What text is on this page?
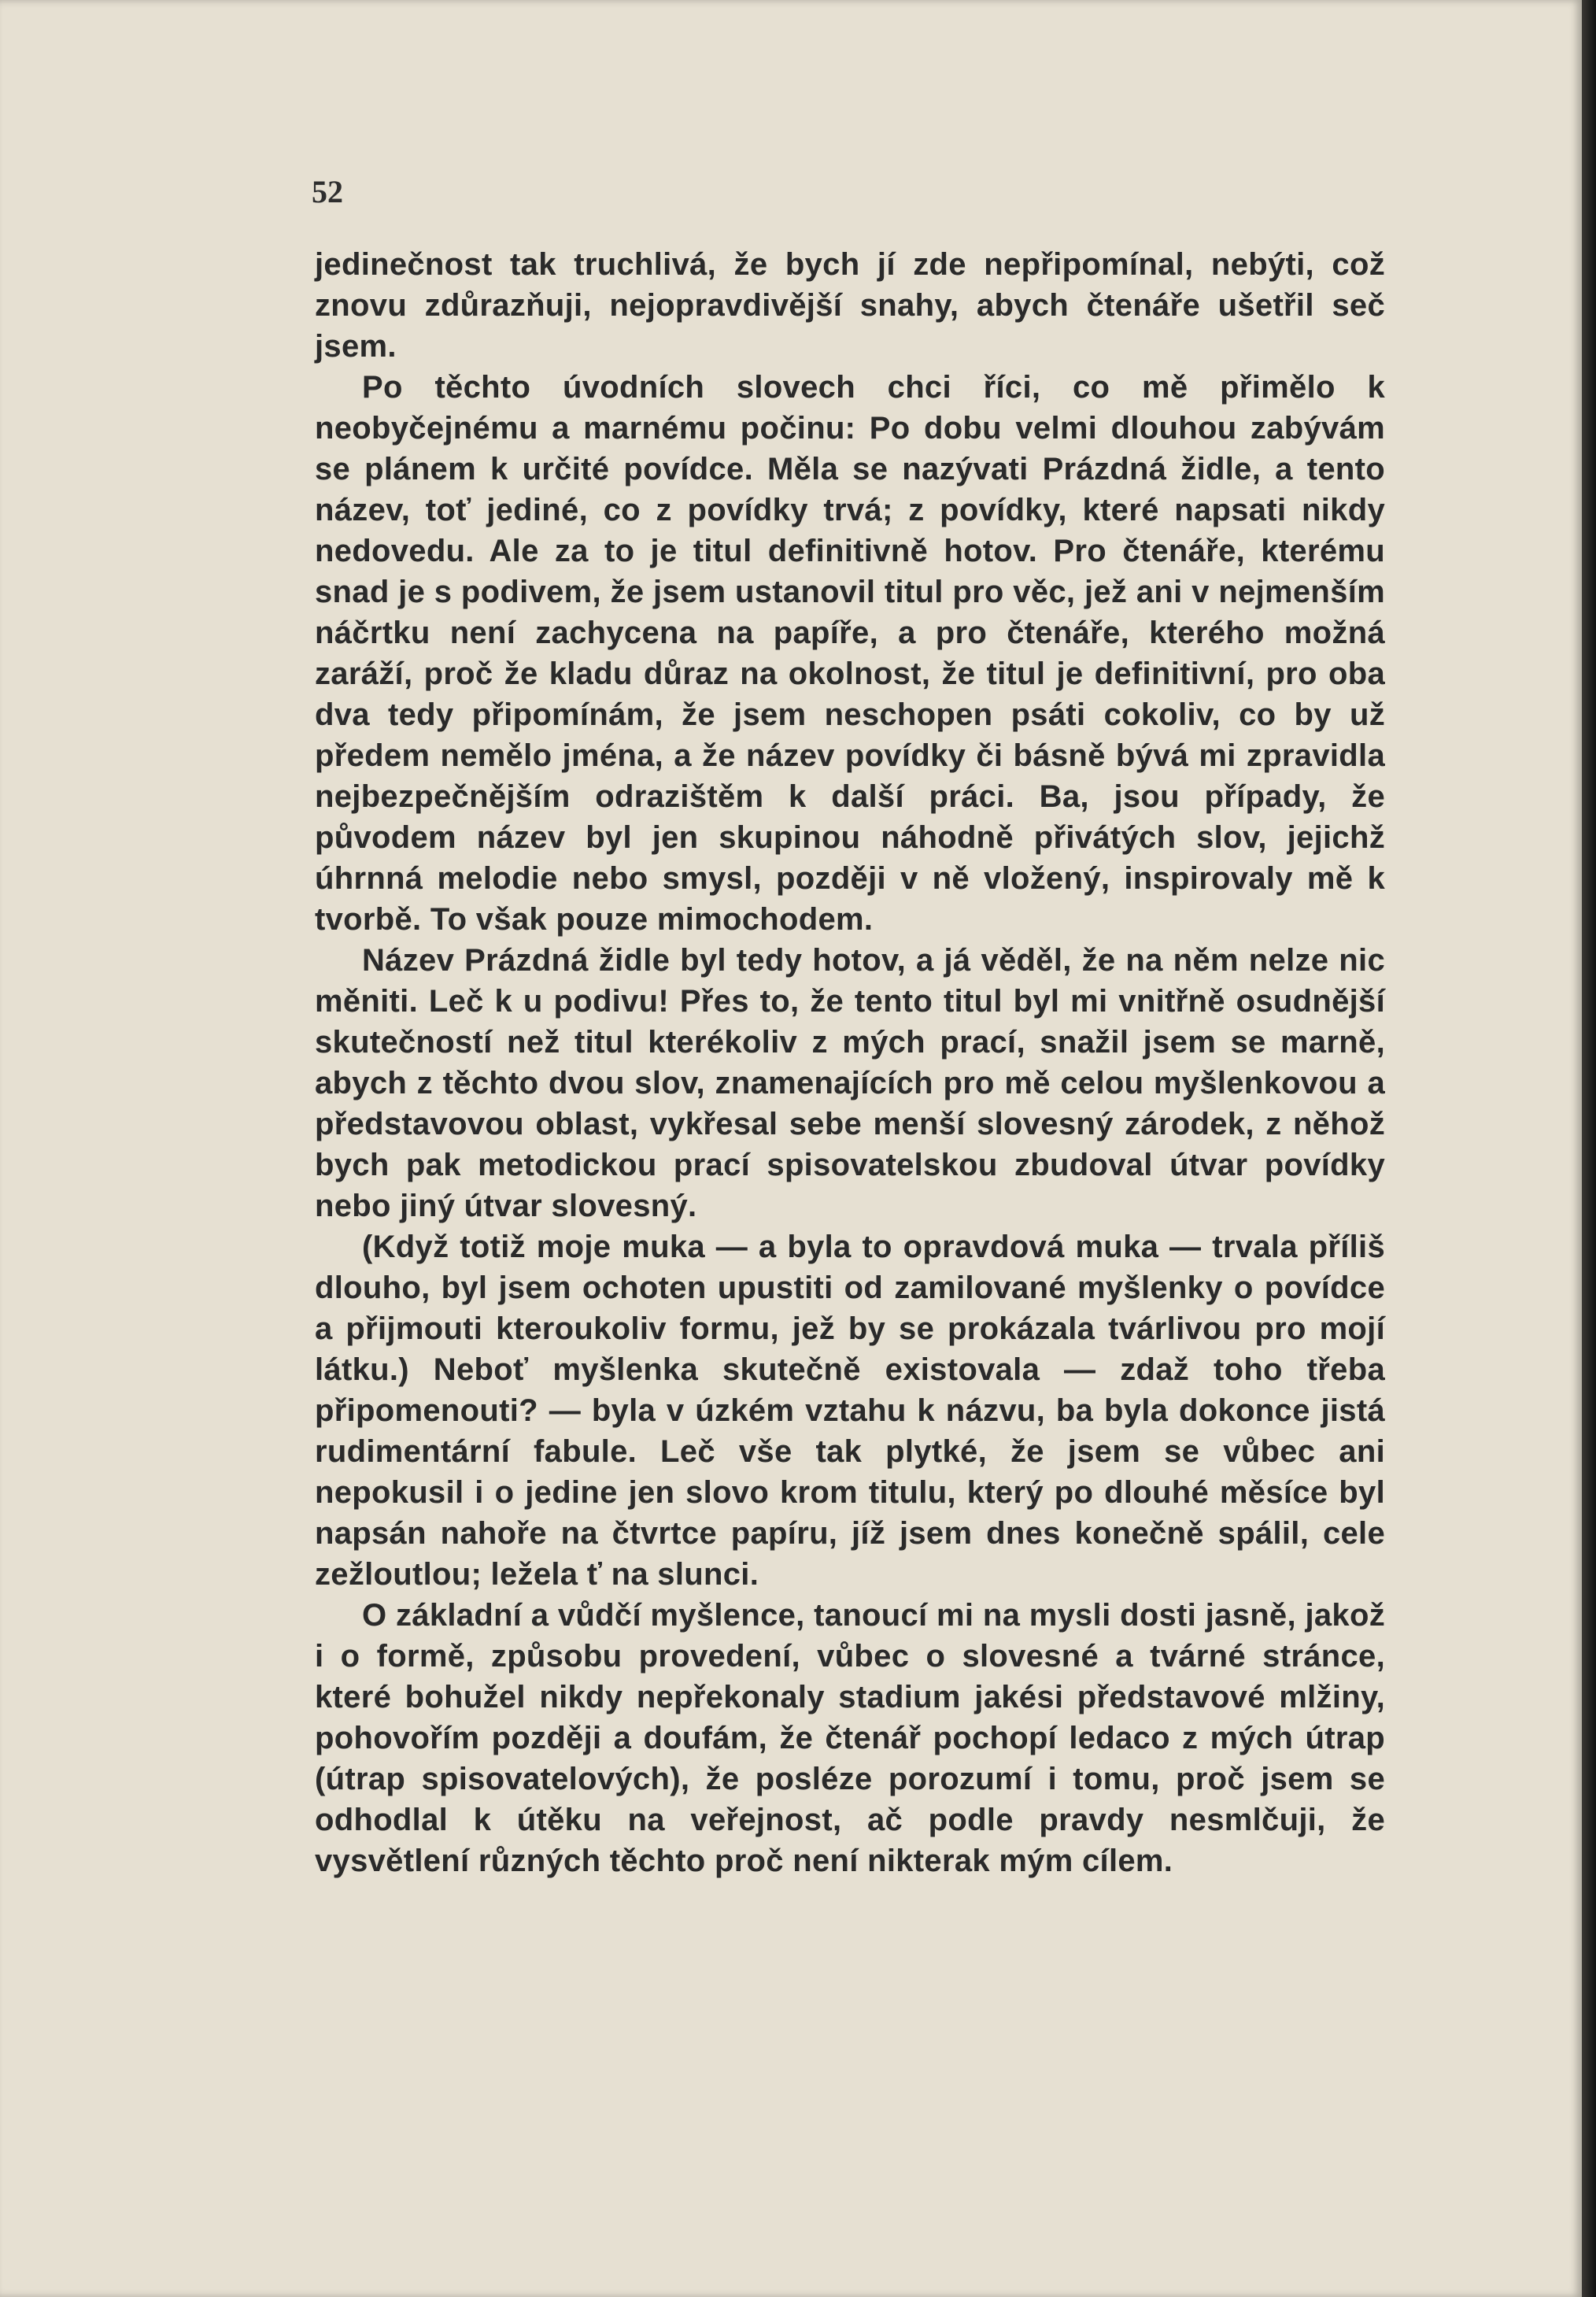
52

jedinečnost tak truchlivá, že bych jí zde nepřipomínal, nebýti, což znovu zdůrazňuji, nejopravdivější snahy, abych čtenáře ušetřil seč jsem.

Po těchto úvodních slovech chci říci, co mě přimělo k neobyčejnému a marnému počinu: Po dobu velmi dlouhou zabývám se plánem k určité povídce. Měla se nazývati Prázdná židle, a tento název, toť jediné, co z povídky trvá; z povídky, které napsati nikdy nedovedu. Ale za to je titul definitivně hotov. Pro čtenáře, kterému snad je s podivem, že jsem ustanovil titul pro věc, jež ani v nejmenším náčrtku není zachycena na papíře, a pro čtenáře, kterého možná zaráží, proč že kladu důraz na okolnost, že titul je definitivní, pro oba dva tedy připomínám, že jsem neschopen psáti cokoliv, co by už předem nemělo jména, a že název povídky či básně bývá mi zpravidla nejbezpečnějším odrazištěm k další práci. Ba, jsou případy, že původem název byl jen skupinou náhodně přivátých slov, jejichž úhrnná melodie nebo smysl, později v ně vložený, inspirovaly mě k tvorbě. To však pouze mimochodem.

Název Prázdná židle byl tedy hotov, a já věděl, že na něm nelze nic měniti. Leč k u podivu! Přes to, že tento titul byl mi vnitřně osudnější skutečností než titul kterékoliv z mých prací, snažil jsem se marně, abych z těchto dvou slov, znamenajících pro mě celou myšlenkovou a představovou oblast, vykřesal sebe menší slovesný zárodek, z něhož bych pak metodickou prací spisovatelskou zbudoval útvar povídky nebo jiný útvar slovesný.

(Když totiž moje muka — a byla to opravdová muka — trvala příliš dlouho, byl jsem ochoten upustiti od zamilované myšlenky o povídce a přijmouti kteroukoliv formu, jež by se prokázala tvárlivou pro mojí látku.) Neboť myšlenka skutečně existovala — zdaž toho třeba připomenouti? — byla v úzkém vztahu k názvu, ba byla dokonce jistá rudimentární fabule. Leč vše tak plytké, že jsem se vůbec ani nepokusil i o jedine jen slovo krom titulu, který po dlouhé měsíce byl napsán nahoře na čtvrtce papíru, jíž jsem dnes konečně spálil, cele zežloutlou; ležela ť na slunci.

O základní a vůdčí myšlence, tanoucí mi na mysli dosti jasně, jakož i o formě, způsobu provedení, vůbec o slovesné a tvárné stránce, které bohužel nikdy nepřekonaly stadium jakési představové mlžiny, pohovořím později a doufám, že čtenář pochopí ledaco z mých útrap (útrap spisovatelových), že posléze porozumí i tomu, proč jsem se odhodlal k útěku na veřejnost, ač podle pravdy nesmlčuji, že vysvětlení různých těchto proč není nikterak mým cílem.
